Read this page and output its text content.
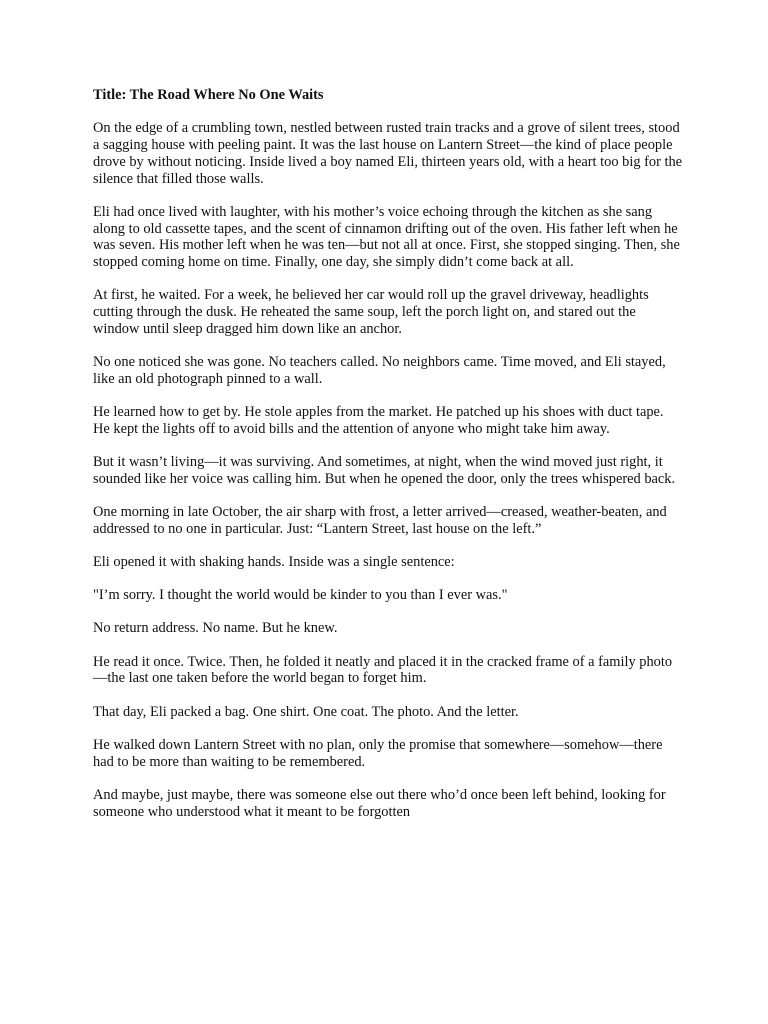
Title: The Road Where No One Waits

On the edge of a crumbling town, nestled between rusted train tracks and a grove of silent trees, stood a sagging house with peeling paint. It was the last house on Lantern Street—the kind of place people drove by without noticing. Inside lived a boy named Eli, thirteen years old, with a heart too big for the silence that filled those walls.

Eli had once lived with laughter, with his mother’s voice echoing through the kitchen as she sang along to old cassette tapes, and the scent of cinnamon drifting out of the oven. His father left when he was seven. His mother left when he was ten—but not all at once. First, she stopped singing. Then, she stopped coming home on time. Finally, one day, she simply didn’t come back at all.

At first, he waited. For a week, he believed her car would roll up the gravel driveway, headlights cutting through the dusk. He reheated the same soup, left the porch light on, and stared out the window until sleep dragged him down like an anchor.

No one noticed she was gone. No teachers called. No neighbors came. Time moved, and Eli stayed, like an old photograph pinned to a wall.

He learned how to get by. He stole apples from the market. He patched up his shoes with duct tape. He kept the lights off to avoid bills and the attention of anyone who might take him away.

But it wasn’t living—it was surviving. And sometimes, at night, when the wind moved just right, it sounded like her voice was calling him. But when he opened the door, only the trees whispered back.

One morning in late October, the air sharp with frost, a letter arrived—creased, weather-beaten, and addressed to no one in particular. Just: “Lantern Street, last house on the left.”

Eli opened it with shaking hands. Inside was a single sentence:

"I’m sorry. I thought the world would be kinder to you than I ever was."

No return address. No name. But he knew.

He read it once. Twice. Then, he folded it neatly and placed it in the cracked frame of a family photo—the last one taken before the world began to forget him.

That day, Eli packed a bag. One shirt. One coat. The photo. And the letter.

He walked down Lantern Street with no plan, only the promise that somewhere—somehow—there had to be more than waiting to be remembered.

And maybe, just maybe, there was someone else out there who’d once been left behind, looking for someone who understood what it meant to be forgotten
